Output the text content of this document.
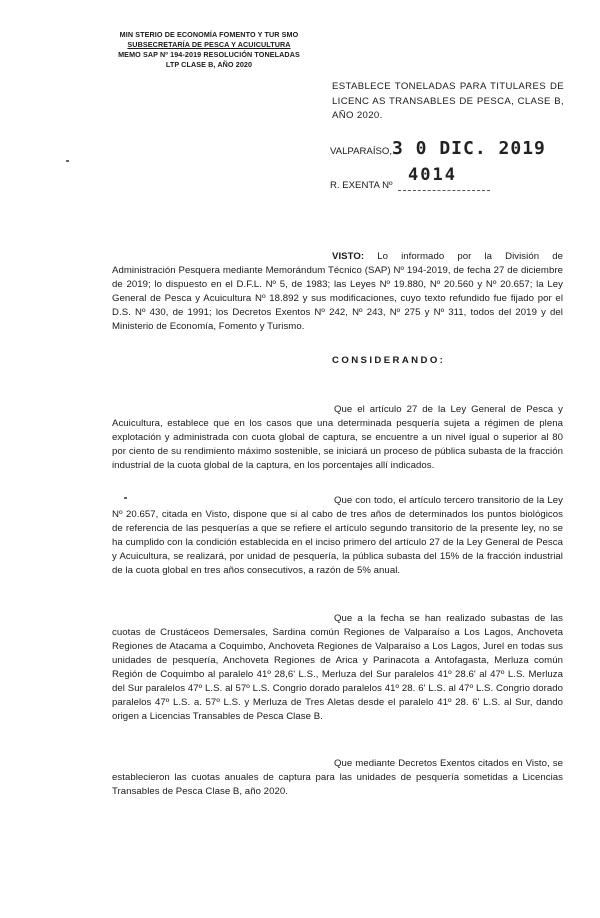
MIN STERIO DE ECONOMÍA FOMENTO Y TUR SMO
SUBSECRETARÍA DE PESCA Y ACUICULTURA
MEMO SAP Nº 194-2019 RESOLUCIÓN TONELADAS
LTP CLASE B, AÑO 2020
ESTABLECE TONELADAS PARA TITULARES DE LICENC AS TRANSABLES DE PESCA, CLASE B, AÑO 2020.
VALPARAÍSO, 3 0 DIC. 2019
4014
R. EXENTA Nº
VISTO: Lo informado por la División de Administración Pesquera mediante Memorándum Técnico (SAP) Nº 194-2019, de fecha 27 de diciembre de 2019; lo dispuesto en el D.F.L. Nº 5, de 1983; las Leyes Nº 19.880, Nº 20.560 y Nº 20.657; la Ley General de Pesca y Acuicultura Nº 18.892 y sus modificaciones, cuyo texto refundido fue fijado por el D.S. Nº 430, de 1991; los Decretos Exentos Nº 242, Nº 243, Nº 275 y Nº 311, todos del 2019 y del Ministerio de Economía, Fomento y Turismo.
CONSIDERANDO:
Que el artículo 27 de la Ley General de Pesca y Acuicultura, establece que en los casos que una determinada pesquería sujeta a régimen de plena explotación y administrada con cuota global de captura, se encuentre a un nivel igual o superior al 80 por ciento de su rendimiento máximo sostenible, se iniciará un proceso de pública subasta de la fracción industrial de la cuota global de la captura, en los porcentajes allí indicados.
Que con todo, el artículo tercero transitorio de la Ley Nº 20.657, citada en Visto, dispone que si al cabo de tres años de determinados los puntos biológicos de referencia de las pesquerías a que se refiere el artículo segundo transitorio de la presente ley, no se ha cumplido con la condición establecida en el inciso primero del artículo 27 de la Ley General de Pesca y Acuicultura, se realizará, por unidad de pesquería, la pública subasta del 15% de la fracción industrial de la cuota global en tres años consecutivos, a razón de 5% anual.
Que a la fecha se han realizado subastas de las cuotas de Crustáceos Demersales, Sardina común Regiones de Valparaíso a Los Lagos, Anchoveta Regiones de Atacama a Coquimbo, Anchoveta Regiones de Valparaíso a Los Lagos, Jurel en todas sus unidades de pesquería, Anchoveta Regiones de Arica y Parinacota a Antofagasta, Merluza común Región de Coquimbo al paralelo 41º 28,6' L.S., Merluza del Sur paralelos 41º 28.6' al 47º L.S. Merluza del Sur paralelos 47º L.S. al 57º L.S. Congrio dorado paralelos 41º 28. 6' L.S. al 47º L.S. Congrio dorado paralelos 47º L.S. a. 57º L.S. y Merluza de Tres Aletas desde el paralelo 41º 28. 6' L.S. al Sur, dando origen a Licencias Transables de Pesca Clase B.
Que mediante Decretos Exentos citados en Visto, se establecieron las cuotas anuales de captura para las unidades de pesquería sometidas a Licencias Transables de Pesca Clase B, año 2020.
